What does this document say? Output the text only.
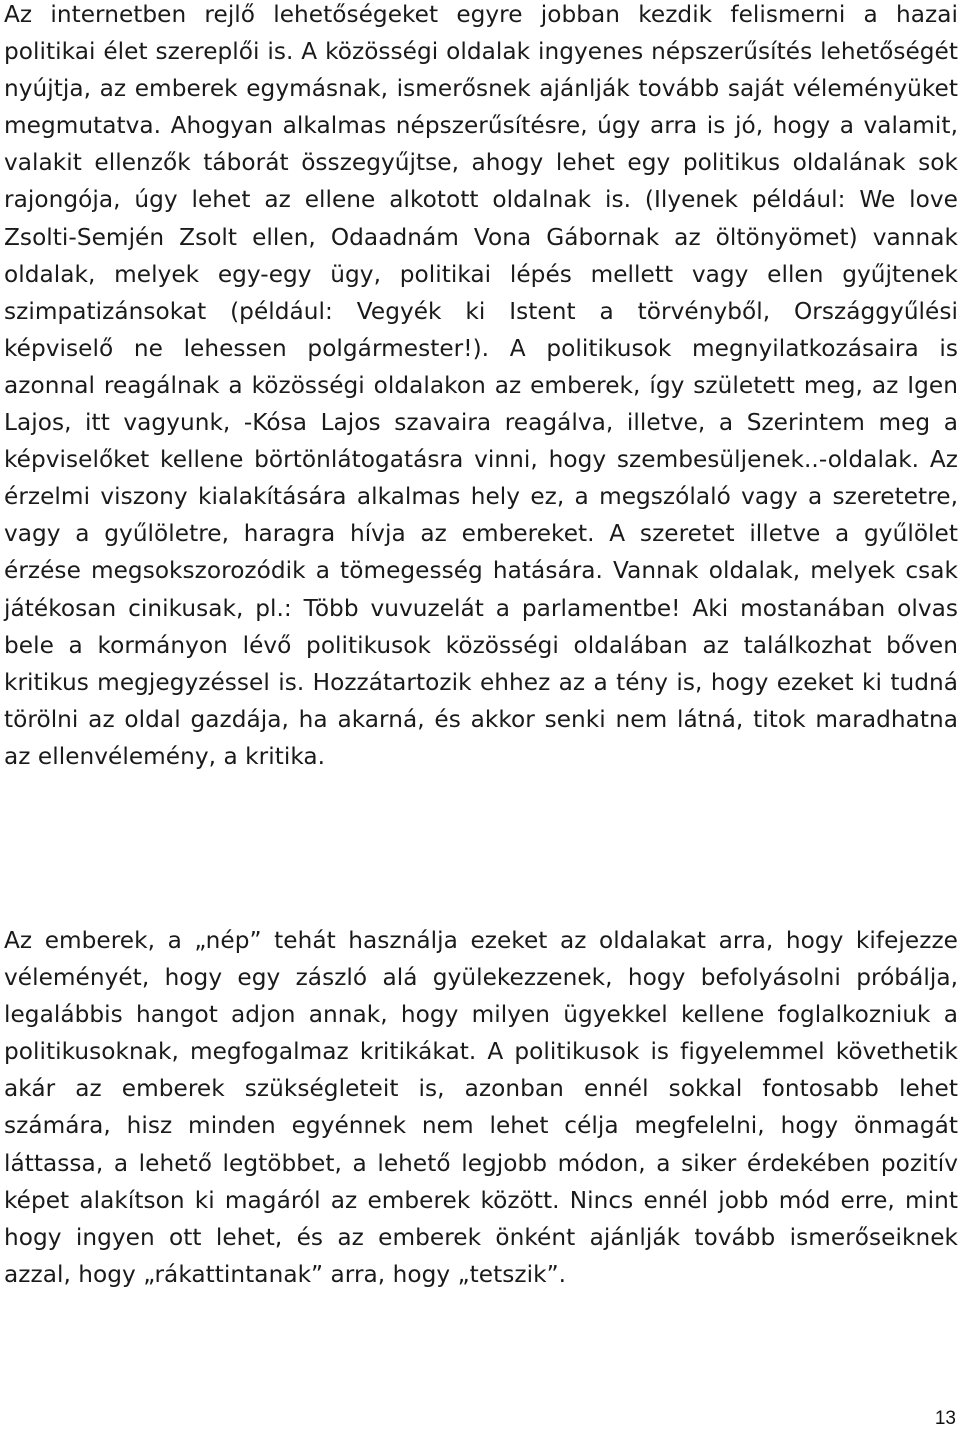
Az internetben rejlő lehetőségeket egyre jobban kezdik felismerni a hazai politikai élet szereplői is. A közösségi oldalak ingyenes népszerűsítés lehetőségét nyújtja, az emberek egymásnak, ismerősnek ajánlják tovább saját véleményüket megmutatva. Ahogyan alkalmas népszerűsítésre, úgy arra is jó, hogy a valamit, valakit ellenzők táborát összegyűjtse, ahogy lehet egy politikus oldalának sok rajongója, úgy lehet az ellene alkotott oldalnak is. (Ilyenek például: We love Zsolti-Semjén Zsolt ellen, Odaadnám Vona Gábornak az öltönyömet) vannak oldalak, melyek egy-egy ügy, politikai lépés mellett vagy ellen gyűjtenek szimpatizánsokat (például: Vegyék ki Istent a törvényből, Országgyűlési képviselő ne lehessen polgármester!). A politikusok megnyilatkozásaira is azonnal reagálnak a közösségi oldalakon az emberek, így született meg, az Igen Lajos, itt vagyunk, -Kósa Lajos szavaira reagálva, illetve, a Szerintem meg a képviselőket kellene börtönlátogatásra vinni, hogy szembesüljenek..-oldalak. Az érzelmi viszony kialakítására alkalmas hely ez, a megszólaló vagy a szeretetre, vagy a gyűlöletre, haragra hívja az embereket. A szeretet illetve a gyűlölet érzése megsokszorozódik a tömegesség hatására. Vannak oldalak, melyek csak játékosan cinikusak, pl.: Több vuvuzelát a parlamentbe! Aki mostanában olvas bele a kormányon lévő politikusok közösségi oldalában az találkozhat bőven kritikus megjegyzéssel is. Hozzátartozik ehhez az a tény is, hogy ezeket ki tudná törölni az oldal gazdája, ha akarná, és akkor senki nem látná, titok maradhatna az ellenvélemény, a kritika.

Az emberek, a „nép” tehát használja ezeket az oldalakat arra, hogy kifejezze véleményét, hogy egy zászló alá gyülekezzenek, hogy befolyásolni próbálja, legalábbis hangot adjon annak, hogy milyen ügyekkel kellene foglalkozniuk a politikusoknak, megfogalmaz kritikákat. A politikusok is figyelemmel követhetik akár az emberek szükségleteit is, azonban ennél sokkal fontosabb lehet számára, hisz minden egyénnek nem lehet célja megfelelni, hogy önmagát láttassa, a lehető legtöbbet, a lehető legjobb módon, a siker érdekében pozitív képet alakítson ki magáról az emberek között. Nincs ennél jobb mód erre, mint hogy ingyen ott lehet, és az emberek önként ajánlják tovább ismerőseiknek azzal, hogy „rákattintanak” arra, hogy „tetszik”.

13
